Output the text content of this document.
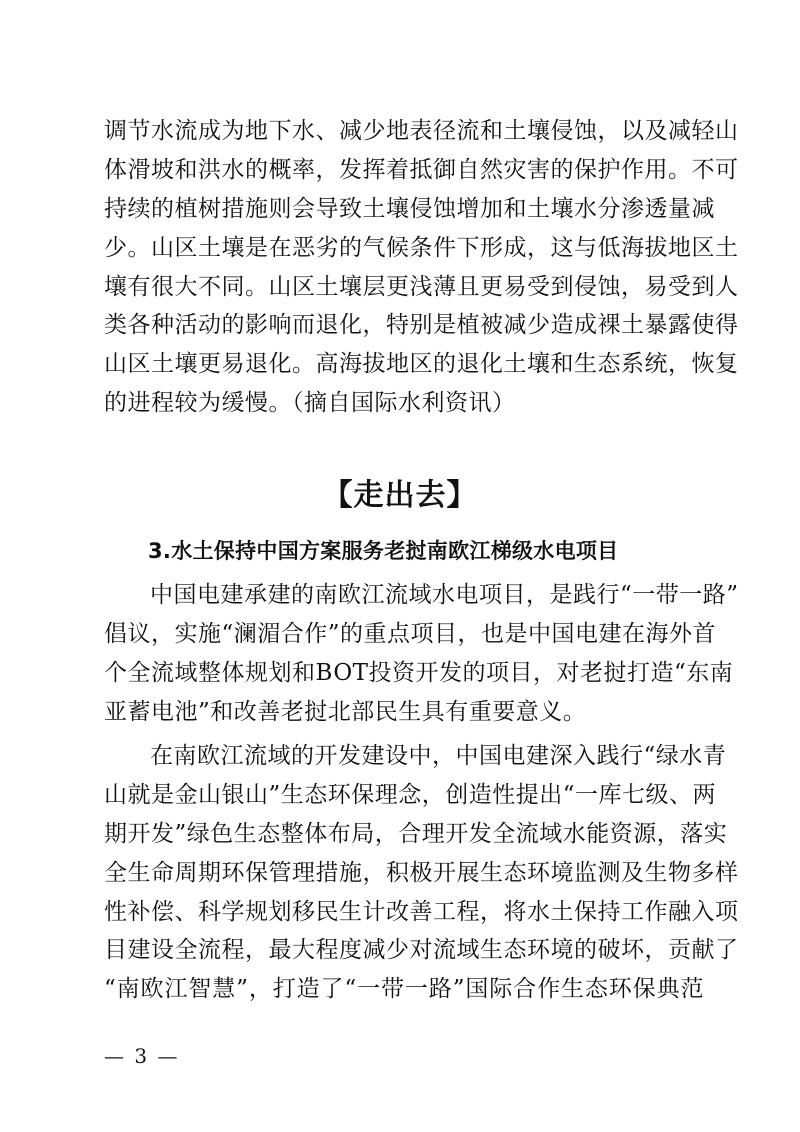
调节水流成为地下水、减少地表径流和土壤侵蚀，以及减轻山
体滑坡和洪水的概率，发挥着抵御自然灾害的保护作用。不可
持续的植树措施则会导致土壤侵蚀增加和土壤水分渗透量减
少。山区土壤是在恶劣的气候条件下形成，这与低海拔地区土
壤有很大不同。山区土壤层更浅薄且更易受到侵蚀，易受到人
类各种活动的影响而退化，特别是植被减少造成裸土暴露使得
山区土壤更易退化。高海拔地区的退化土壤和生态系统，恢复
的进程较为缓慢。（摘自国际水利资讯）
【走出去】
3.水土保持中国方案服务老挝南欧江梯级水电项目
中国电建承建的南欧江流域水电项目，是践行“一带一路”
倡议，实施“澜湄合作”的重点项目，也是中国电建在海外首
个全流域整体规划和BOT投资开发的项目，对老挝打造“东南
亚蓄电池”和改善老挝北部民生具有重要意义。
在南欧江流域的开发建设中，中国电建深入践行“绿水青
山就是金山银山”生态环保理念，创造性提出“一库七级、两
期开发”绿色生态整体布局，合理开发全流域水能资源，落实
全生命周期环保管理措施，积极开展生态环境监测及生物多样
性补偿、科学规划移民生计改善工程，将水土保持工作融入项
目建设全流程，最大程度减少对流域生态环境的破坏，贡献了
“南欧江智慧”，打造了“一带一路”国际合作生态环保典范
— 3 —
